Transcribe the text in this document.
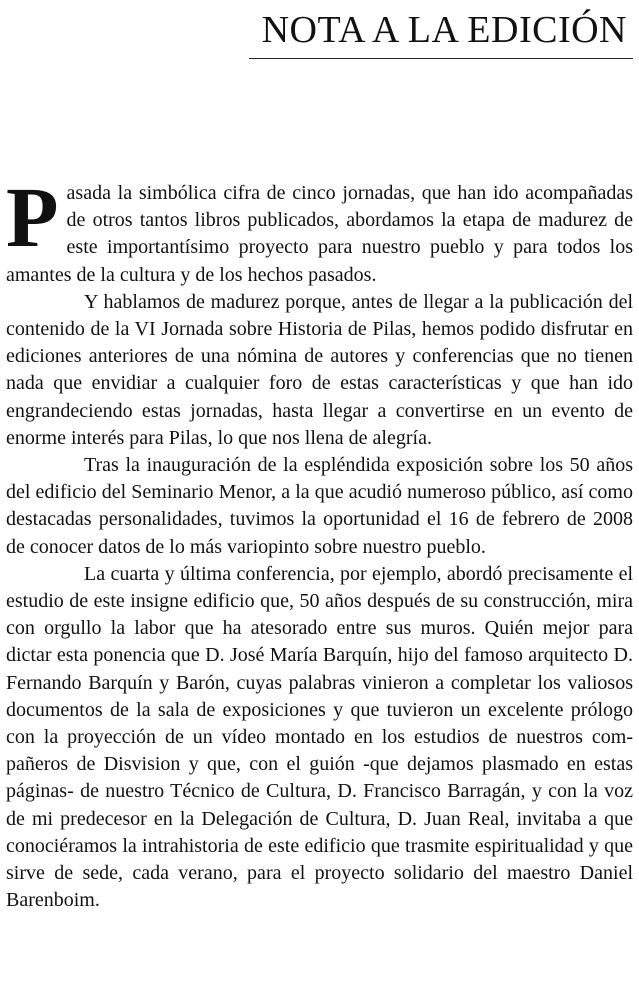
NOTA A LA EDICIÓN

Pasada la simbólica cifra de cinco jornadas, que han ido acompañadas de otros tantos libros publicados, abordamos la etapa de madurez de este importantísimo proyecto para nuestro pueblo y para todos los amantes de la cultura y de los hechos pasados.

Y hablamos de madurez porque, antes de llegar a la publicación del contenido de la VI Jornada sobre Historia de Pilas, hemos podido disfrutar en ediciones anteriores de una nómina de autores y conferencias que no tienen nada que envidiar a cualquier foro de estas características y que han ido engrandeciendo estas jornadas, hasta llegar a convertirse en un evento de enorme interés para Pilas, lo que nos llena de alegría.

Tras la inauguración de la espléndida exposición sobre los 50 años del edificio del Seminario Menor, a la que acudió numeroso público, así como destacadas personalidades, tuvimos la oportunidad el 16 de febrero de 2008 de conocer datos de lo más variopinto sobre nuestro pueblo.

La cuarta y última conferencia, por ejemplo, abordó precisamente el estudio de este insigne edificio que, 50 años después de su construcción, mira con orgullo la labor que ha atesorado entre sus muros. Quién mejor para dictar esta ponencia que D. José María Barquín, hijo del famoso arquitecto D. Fernando Barquín y Barón, cuyas palabras vinieron a completar los valiosos documentos de la sala de exposiciones y que tuvieron un excelente prólogo con la proyección de un vídeo montado en los estudios de nuestros compañeros de Disvision y que, con el guión -que dejamos plasmado en estas páginas- de nuestro Técnico de Cultura, D. Francisco Barragán, y con la voz de mi predecesor en la Delegación de Cultura, D. Juan Real, invitaba a que conociéramos la intrahistoria de este edificio que trasmite espiritualidad y que sirve de sede, cada verano, para el proyecto solidario del maestro Daniel Barenboim.
